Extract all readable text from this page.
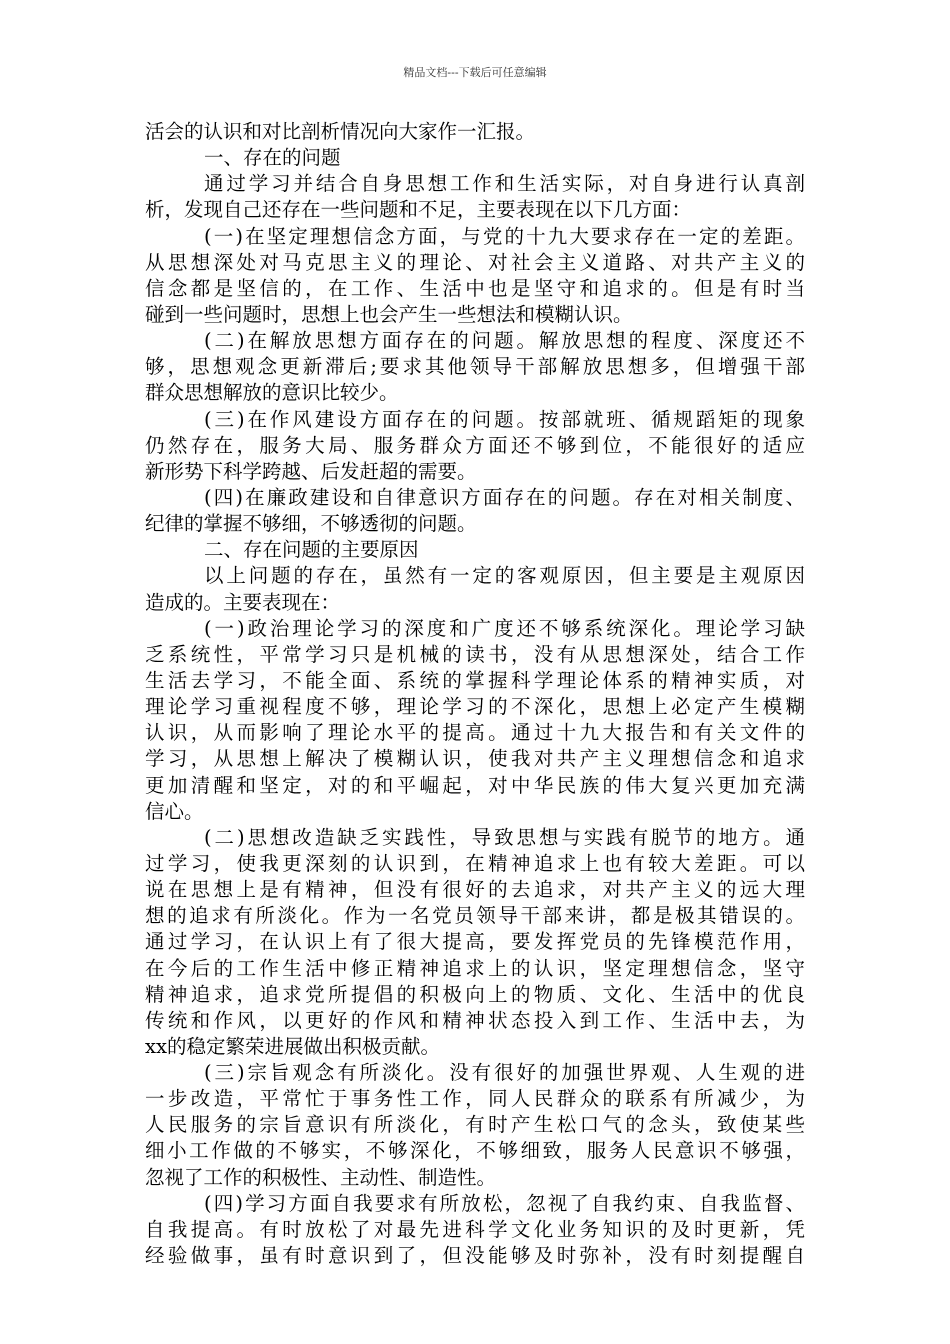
精品文档---下载后可任意编辑
活会的认识和对比剖析情况向大家作一汇报。
一、存在的问题
通过学习并结合自身思想工作和生活实际，对自身进行认真剖
析，发现自己还存在一些问题和不足，主要表现在以下几方面：
(一)在坚定理想信念方面，与党的十九大要求存在一定的差距。
从思想深处对马克思主义的理论、对社会主义道路、对共产主义的
信念都是坚信的，在工作、生活中也是坚守和追求的。但是有时当
碰到一些问题时，思想上也会产生一些想法和模糊认识。
(二)在解放思想方面存在的问题。解放思想的程度、深度还不
够，思想观念更新滞后;要求其他领导干部解放思想多，但增强干部
群众思想解放的意识比较少。
(三)在作风建设方面存在的问题。按部就班、循规蹈矩的现象
仍然存在，服务大局、服务群众方面还不够到位，不能很好的适应
新形势下科学跨越、后发赶超的需要。
(四)在廉政建设和自律意识方面存在的问题。存在对相关制度、
纪律的掌握不够细，不够透彻的问题。
二、存在问题的主要原因
以上问题的存在，虽然有一定的客观原因，但主要是主观原因
造成的。主要表现在：
(一)政治理论学习的深度和广度还不够系统深化。理论学习缺
乏系统性，平常学习只是机械的读书，没有从思想深处，结合工作
生活去学习，不能全面、系统的掌握科学理论体系的精神实质，对
理论学习重视程度不够，理论学习的不深化，思想上必定产生模糊
认识，从而影响了理论水平的提高。通过十九大报告和有关文件的
学习，从思想上解决了模糊认识，使我对共产主义理想信念和追求
更加清醒和坚定，对的和平崛起，对中华民族的伟大复兴更加充满
信心。
(二)思想改造缺乏实践性，导致思想与实践有脱节的地方。通
过学习，使我更深刻的认识到，在精神追求上也有较大差距。可以
说在思想上是有精神，但没有很好的去追求，对共产主义的远大理
想的追求有所淡化。作为一名党员领导干部来讲，都是极其错误的。
通过学习，在认识上有了很大提高，要发挥党员的先锋模范作用，
在今后的工作生活中修正精神追求上的认识，坚定理想信念，坚守
精神追求，追求党所提倡的积极向上的物质、文化、生活中的优良
传统和作风，以更好的作风和精神状态投入到工作、生活中去，为
xx的稳定繁荣进展做出积极贡献。
(三)宗旨观念有所淡化。没有很好的加强世界观、人生观的进
一步改造，平常忙于事务性工作，同人民群众的联系有所减少，为
人民服务的宗旨意识有所淡化，有时产生松口气的念头，致使某些
细小工作做的不够实，不够深化，不够细致，服务人民意识不够强，
忽视了工作的积极性、主动性、制造性。
(四)学习方面自我要求有所放松，忽视了自我约束、自我监督、
自我提高。有时放松了对最先进科学文化业务知识的及时更新，凭
经验做事，虽有时意识到了，但没能够及时弥补，没有时刻提醒自
